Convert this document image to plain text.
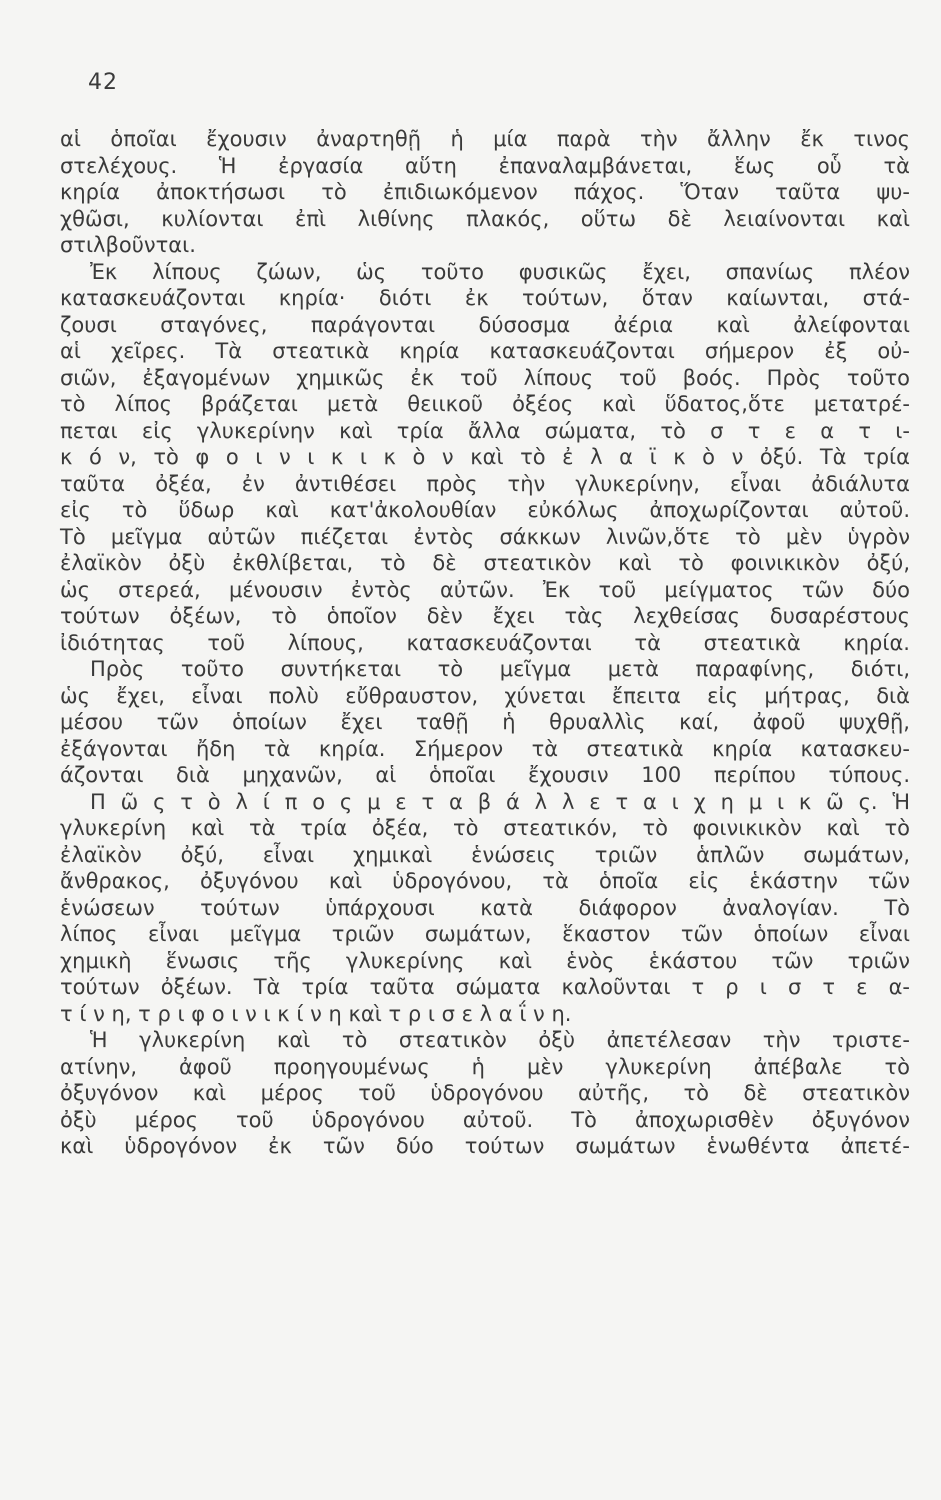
42
αἱ ὁποῖαι ἔχουσιν ἀναρτηθῇ ἡ μία παρὰ τὴν ἄλλην ἔκ τινος
στελέχους. Ἡ ἐργασία αὕτη ἐπαναλαμβάνεται, ἕως οὗ τὰ
κηρία ἀποκτήσωσι τὸ ἐπιδιωκόμενον πάχος. Ὅταν ταῦτα ψυ-
χθῶσι, κυλίονται ἐπὶ λιθίνης πλακός, οὕτω δὲ λειαίνονται καὶ
στιλβοῦνται.
Ἐκ λίπους ζώων, ὡς τοῦτο φυσικῶς ἔχει, σπανίως πλέον
κατασκευάζονται κηρία· διότι ἐκ τούτων, ὅταν καίωνται, στά-
ζουσι σταγόνες, παράγονται δύσοσμα ἀέρια καὶ ἀλείφονται
αἱ χεῖρες. Τὰ στεατικὰ κηρία κατασκευάζονται σήμερον ἐξ οὐ-
σιῶν, ἐξαγομένων χημικῶς ἐκ τοῦ λίπους τοῦ βοός. Πρὸς τοῦτο
τὸ λίπος βράζεται μετὰ θειικοῦ ὀξέος καὶ ὕδατος,ὅτε μετατρέ-
πεται εἰς γλυκερίνην καὶ τρία ἄλλα σώματα, τὸ σ τ ε α τ ι-
κ ό ν, τὸ φ ο ι ν ι κ ι κ ὸ ν καὶ τὸ ἐ λ α ϊ κ ὸ ν ὀξύ. Τὰ τρία
ταῦτα ὀξέα, ἐν ἀντιθέσει πρὸς τὴν γλυκερίνην, εἶναι ἀδιάλυτα
εἰς τὸ ὕδωρ καὶ κατ'ἀκολουθίαν εὐκόλως ἀποχωρίζονται αὐτοῦ.
Τὸ μεῖγμα αὐτῶν πιέζεται ἐντὸς σάκκων λινῶν,ὅτε τὸ μὲν ὑγρὸν
ἐλαϊκὸν ὀξὺ ἐκθλίβεται, τὸ δὲ στεατικὸν καὶ τὸ φοινικικὸν ὀξύ,
ὡς στερεά, μένουσιν ἐντὸς αὐτῶν. Ἐκ τοῦ μείγματος τῶν δύο
τούτων ὀξέων, τὸ ὁποῖον δὲν ἔχει τὰς λεχθείσας δυσαρέστους
ἰδιότητας τοῦ λίπους, κατασκευάζονται τὰ στεατικὰ κηρία.
Πρὸς τοῦτο συντήκεται τὸ μεῖγμα μετὰ παραφίνης, διότι,
ὡς ἔχει, εἶναι πολὺ εὔθραυστον, χύνεται ἔπειτα εἰς μήτρας, διὰ
μέσου τῶν ὁποίων ἔχει ταθῇ ἡ θρυαλλὶς καί, ἀφοῦ ψυχθῇ,
ἐξάγονται ἤδη τὰ κηρία. Σήμερον τὰ στεατικὰ κηρία κατασκευ-
άζονται διὰ μηχανῶν, αἱ ὁποῖαι ἔχουσιν 100 περίπου τύπους.
Π ῶ ς τ ὸ λ ί π ο ς μ ε τ α β ά λ λ ε τ α ι χ η μ ι κ ῶ ς. Ἡ
γλυκερίνη καὶ τὰ τρία ὀξέα, τὸ στεατικόν, τὸ φοινικικὸν καὶ τὸ
ἐλαϊκὸν ὀξύ, εἶναι χημικαὶ ἑνώσεις τριῶν ἁπλῶν σωμάτων,
ἄνθρακος, ὀξυγόνου καὶ ὑδρογόνου, τὰ ὁποῖα εἰς ἑκάστην τῶν
ἑνώσεων τούτων ὑπάρχουσι κατὰ διάφορον ἀναλογίαν. Τὸ
λίπος εἶναι μεῖγμα τριῶν σωμάτων, ἕκαστον τῶν ὁποίων εἶναι
χημικὴ ἕνωσις τῆς γλυκερίνης καὶ ἑνὸς ἑκάστου τῶν τριῶν
τούτων ὀξέων. Τὰ τρία ταῦτα σώματα καλοῦνται τ ρ ι σ τ ε α-
τ ί ν η, τ ρ ι φ ο ι ν ι κ ί ν η καὶ τ ρ ι σ ε λ α ΐ ν η.
Ἡ γλυκερίνη καὶ τὸ στεατικὸν ὀξὺ ἀπετέλεσαν τὴν τριστε-
ατίνην, ἀφοῦ προηγουμένως ἡ μὲν γλυκερίνη ἀπέβαλε τὸ
ὀξυγόνον καὶ μέρος τοῦ ὑδρογόνου αὐτῆς, τὸ δὲ στεατικὸν
ὀξὺ μέρος τοῦ ὑδρογόνου αὐτοῦ. Τὸ ἀποχωρισθὲν ὀξυγόνον
καὶ ὑδρογόνον ἐκ τῶν δύο τούτων σωμάτων ἑνωθέντα ἀπετέ-
